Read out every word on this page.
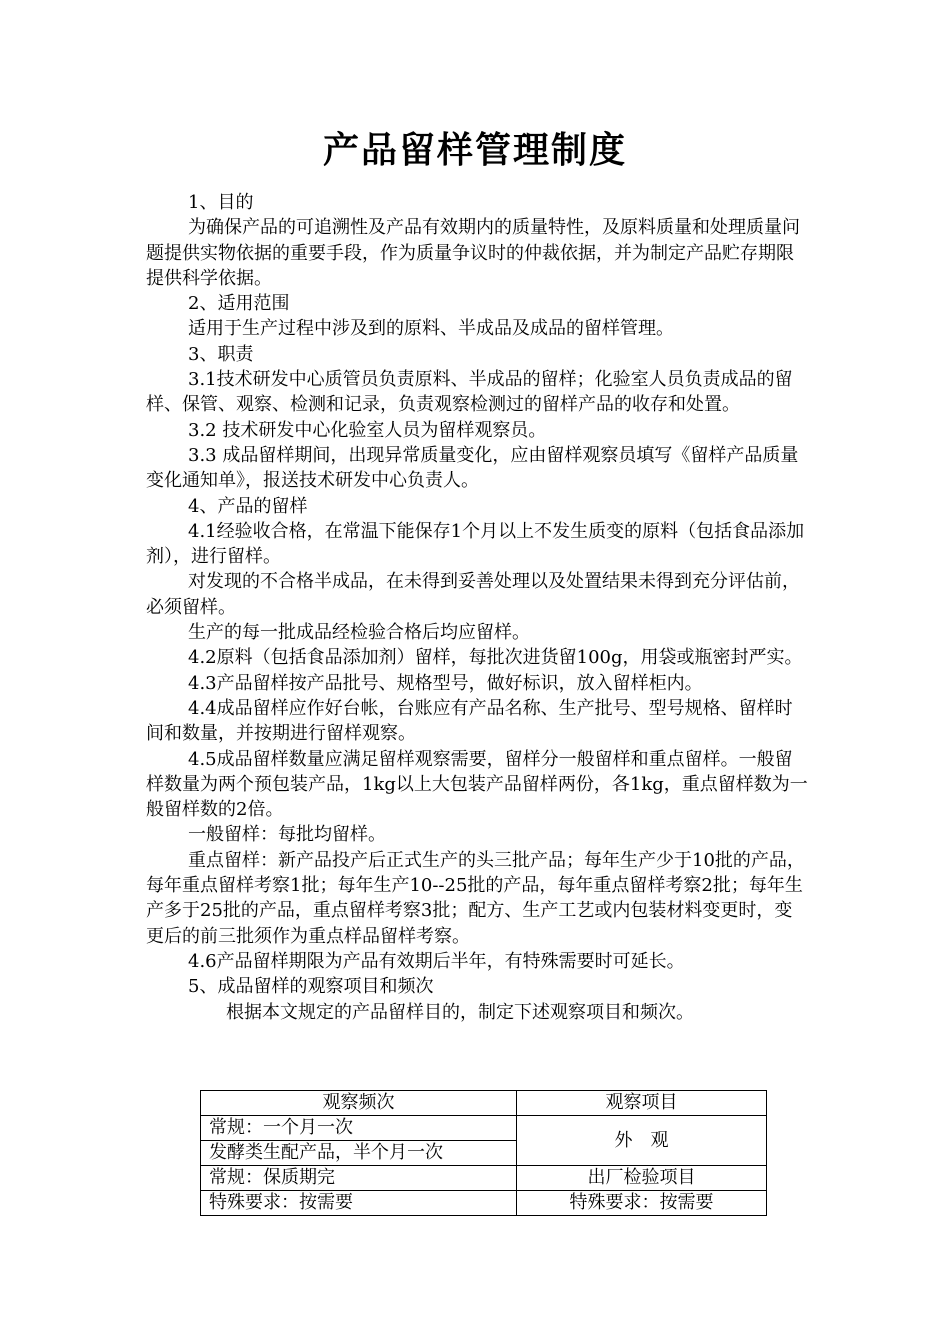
产品留样管理制度

1、目的

为确保产品的可追溯性及产品有效期内的质量特性，及原料质量和处理质量问题提供实物依据的重要手段，作为质量争议时的仲裁依据，并为制定产品贮存期限提供科学依据。

2、适用范围

适用于生产过程中涉及到的原料、半成品及成品的留样管理。

3、职责

3.1技术研发中心质管员负责原料、半成品的留样；化验室人员负责成品的留样、保管、观察、检测和记录，负责观察检测过的留样产品的收存和处置。

3.2 技术研发中心化验室人员为留样观察员。

3.3 成品留样期间，出现异常质量变化，应由留样观察员填写《留样产品质量变化通知单》，报送技术研发中心负责人。

4、产品的留样

4.1经验收合格，在常温下能保存1个月以上不发生质变的原料（包括食品添加剂），进行留样。

对发现的不合格半成品，在未得到妥善处理以及处置结果未得到充分评估前，必须留样。

生产的每一批成品经检验合格后均应留样。

4.2原料（包括食品添加剂）留样，每批次进货留100g，用袋或瓶密封严实。

4.3产品留样按产品批号、规格型号，做好标识，放入留样柜内。

4.4成品留样应作好台帐，台账应有产品名称、生产批号、型号规格、留样时间和数量，并按期进行留样观察。

4.5成品留样数量应满足留样观察需要，留样分一般留样和重点留样。一般留样数量为两个预包装产品，1kg以上大包装产品留样两份，各1kg，重点留样数为一般留样数的2倍。

一般留样：每批均留样。

重点留样：新产品投产后正式生产的头三批产品；每年生产少于10批的产品，每年重点留样考察1批；每年生产10--25批的产品，每年重点留样考察2批；每年生产多于25批的产品，重点留样考察3批；配方、生产工艺或内包装材料变更时，变更后的前三批须作为重点样品留样考察。

4.6产品留样期限为产品有效期后半年，有特殊需要时可延长。

5、成品留样的观察项目和频次

根据本文规定的产品留样目的，制定下述观察项目和频次。

观察频次	观察项目
常规：一个月一次	外　观
发酵类生配产品，半个月一次	
常规：保质期完	出厂检验项目
特殊要求：按需要	特殊要求：按需要
